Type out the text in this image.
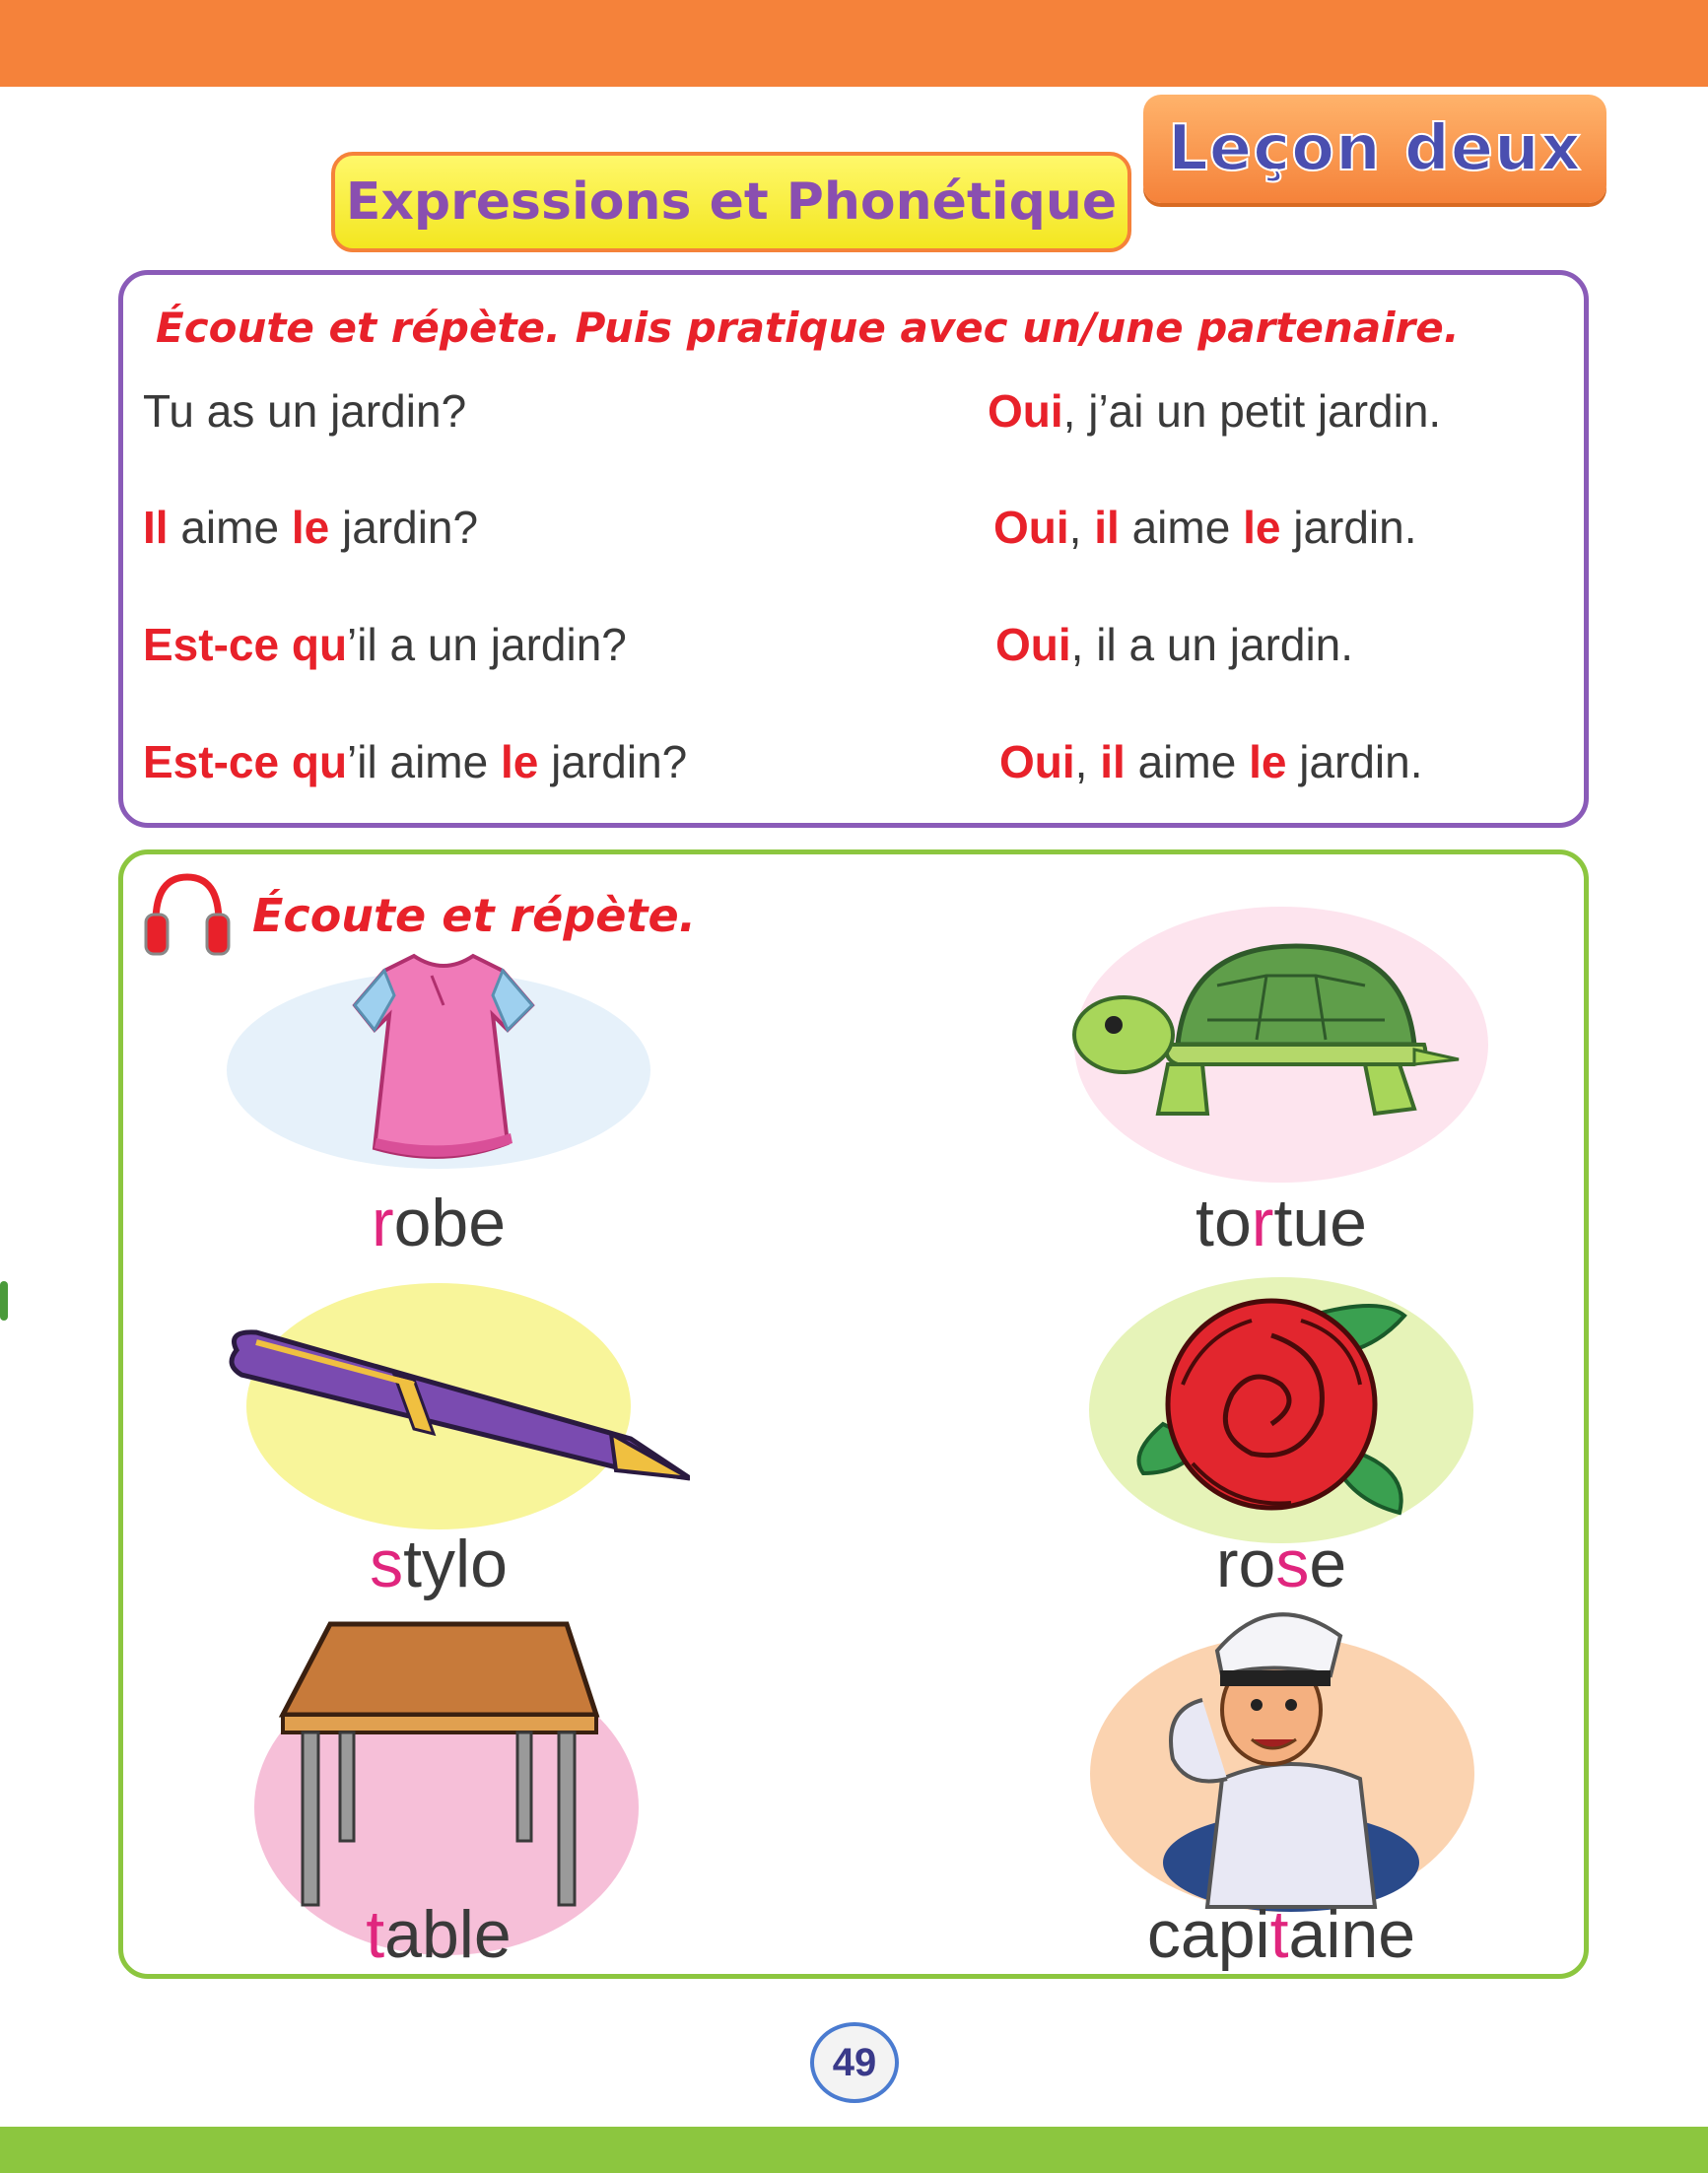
Expressions et Phonétique
Leçon deux
Écoute et répète. Puis pratique avec un/une partenaire.
Tu as un jardin?	Oui, j’ai un petit jardin.
Il aime le jardin?	Oui, il aime le jardin.
Est-ce qu’il a un jardin?	Oui, il a un jardin.
Est-ce qu’il aime le jardin?	Oui, il aime le jardin.
Écoute et répète.
robe	tortue
stylo	rose
table	capitaine
49
